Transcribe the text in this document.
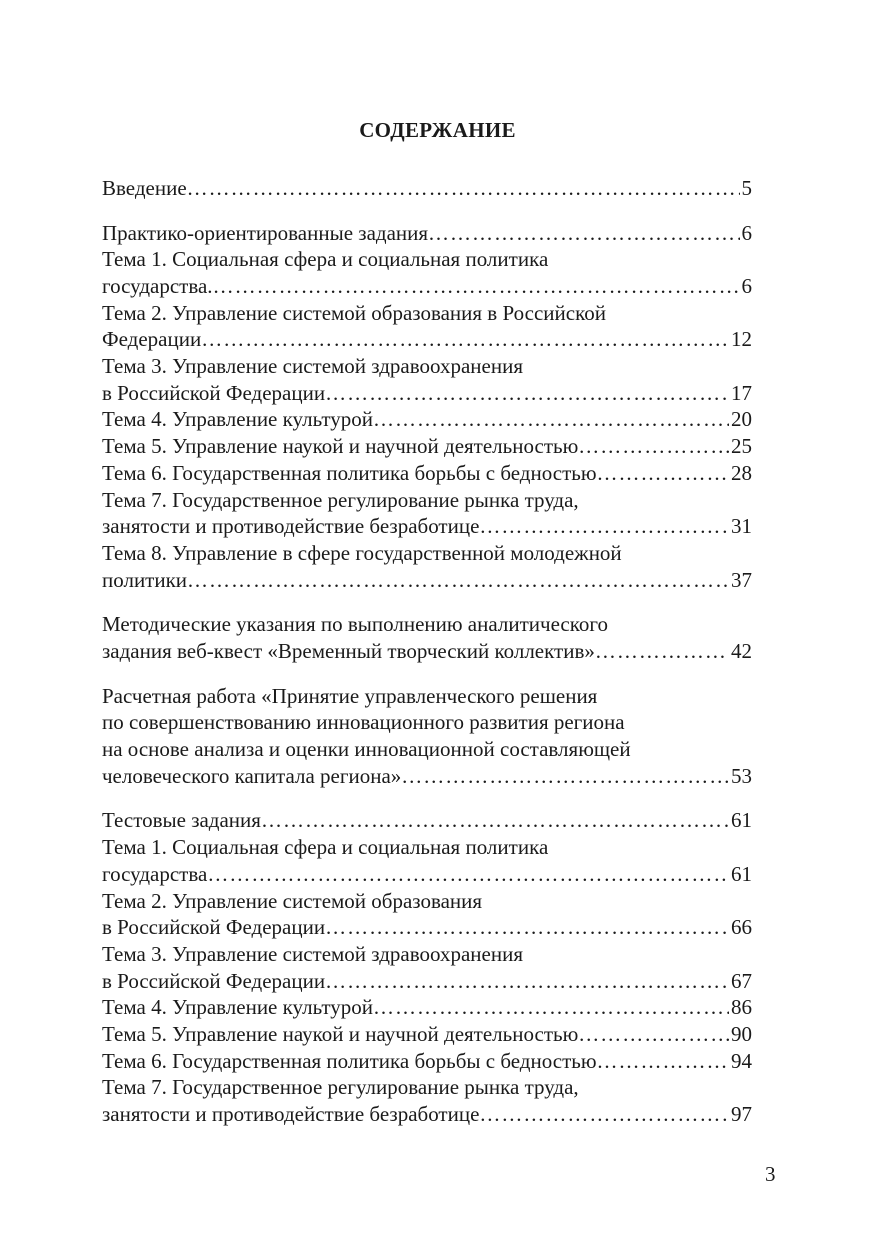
СОДЕРЖАНИЕ
Введение ……………………………………………………………………………………………………………………………………………………	5
Практико-ориентированные задания ……………………………………………………………………………………………………………………………………………………	6
Тема 1. Социальная сфера и социальная политика
государства. ……………………………………………………………………………………………………………………………………………………	6
Тема 2. Управление системой образования в Российской
Федерации ……………………………………………………………………………………………………………………………………………………	12
Тема 3. Управление системой здравоохранения
в Российской Федерации ……………………………………………………………………………………………………………………………………………………	17
Тема 4. Управление культурой ……………………………………………………………………………………………………………………………………………………	20
Тема 5. Управление наукой и научной деятельностью ……………………………………………………………………………………………………………………………………………………	25
Тема 6. Государственная политика борьбы с бедностью ……………………………………………………………………………………………………………………………………………………	28
Тема 7. Государственное регулирование рынка труда,
занятости и противодействие безработице ……………………………………………………………………………………………………………………………………………………	31
Тема 8. Управление в сфере государственной молодежной
политики ……………………………………………………………………………………………………………………………………………………	37
Методические указания по выполнению аналитического
задания веб-квест «Временный творческий коллектив» ……………………………………………………………………………………………………………………………………………………	42
Расчетная работа «Принятие управленческого решения
по совершенствованию инновационного развития региона
на основе анализа и оценки инновационной составляющей
человеческого капитала региона» ……………………………………………………………………………………………………………………………………………………	53
Тестовые задания ……………………………………………………………………………………………………………………………………………………	61
Тема 1. Социальная сфера и социальная политика
государства ……………………………………………………………………………………………………………………………………………………	61
Тема 2. Управление системой образования
в Российской Федерации ……………………………………………………………………………………………………………………………………………………	66
Тема 3. Управление системой здравоохранения
в Российской Федерации ……………………………………………………………………………………………………………………………………………………	67
Тема 4. Управление культурой ……………………………………………………………………………………………………………………………………………………	86
Тема 5. Управление наукой и научной деятельностью ……………………………………………………………………………………………………………………………………………………	90
Тема 6. Государственная политика борьбы с бедностью ……………………………………………………………………………………………………………………………………………………	94
Тема 7. Государственное регулирование рынка труда,
занятости и противодействие безработице ……………………………………………………………………………………………………………………………………………………	97
3
